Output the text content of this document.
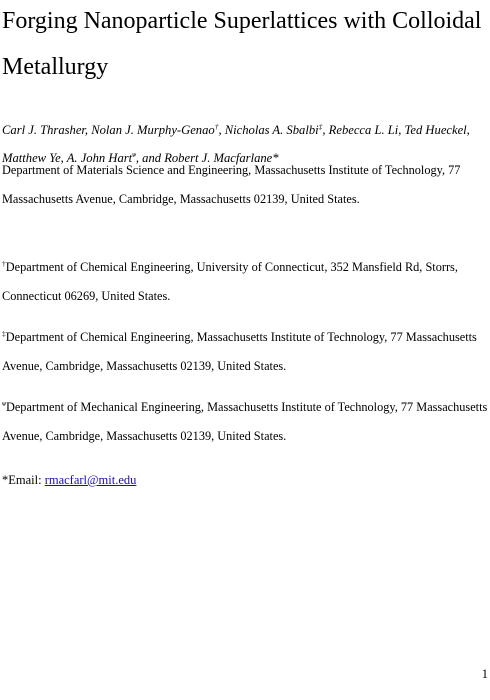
Forging Nanoparticle Superlattices with Colloidal Metallurgy
Carl J. Thrasher, Nolan J. Murphy-Genao†, Nicholas A. Sbalbi‡, Rebecca L. Li, Ted Hueckel, Matthew Ye, A. John Hart$^ᴪ$, and Robert J. Macfarlane*
Department of Materials Science and Engineering, Massachusetts Institute of Technology, 77 Massachusetts Avenue, Cambridge, Massachusetts 02139, United States.
†Department of Chemical Engineering, University of Connecticut, 352 Mansfield Rd, Storrs, Connecticut 06269, United States.
‡Department of Chemical Engineering, Massachusetts Institute of Technology, 77 Massachusetts Avenue, Cambridge, Massachusetts 02139, United States.
$^ᴪ$Department of Mechanical Engineering, Massachusetts Institute of Technology, 77 Massachusetts Avenue, Cambridge, Massachusetts 02139, United States.
*Email: rmacfarl@mit.edu
1
